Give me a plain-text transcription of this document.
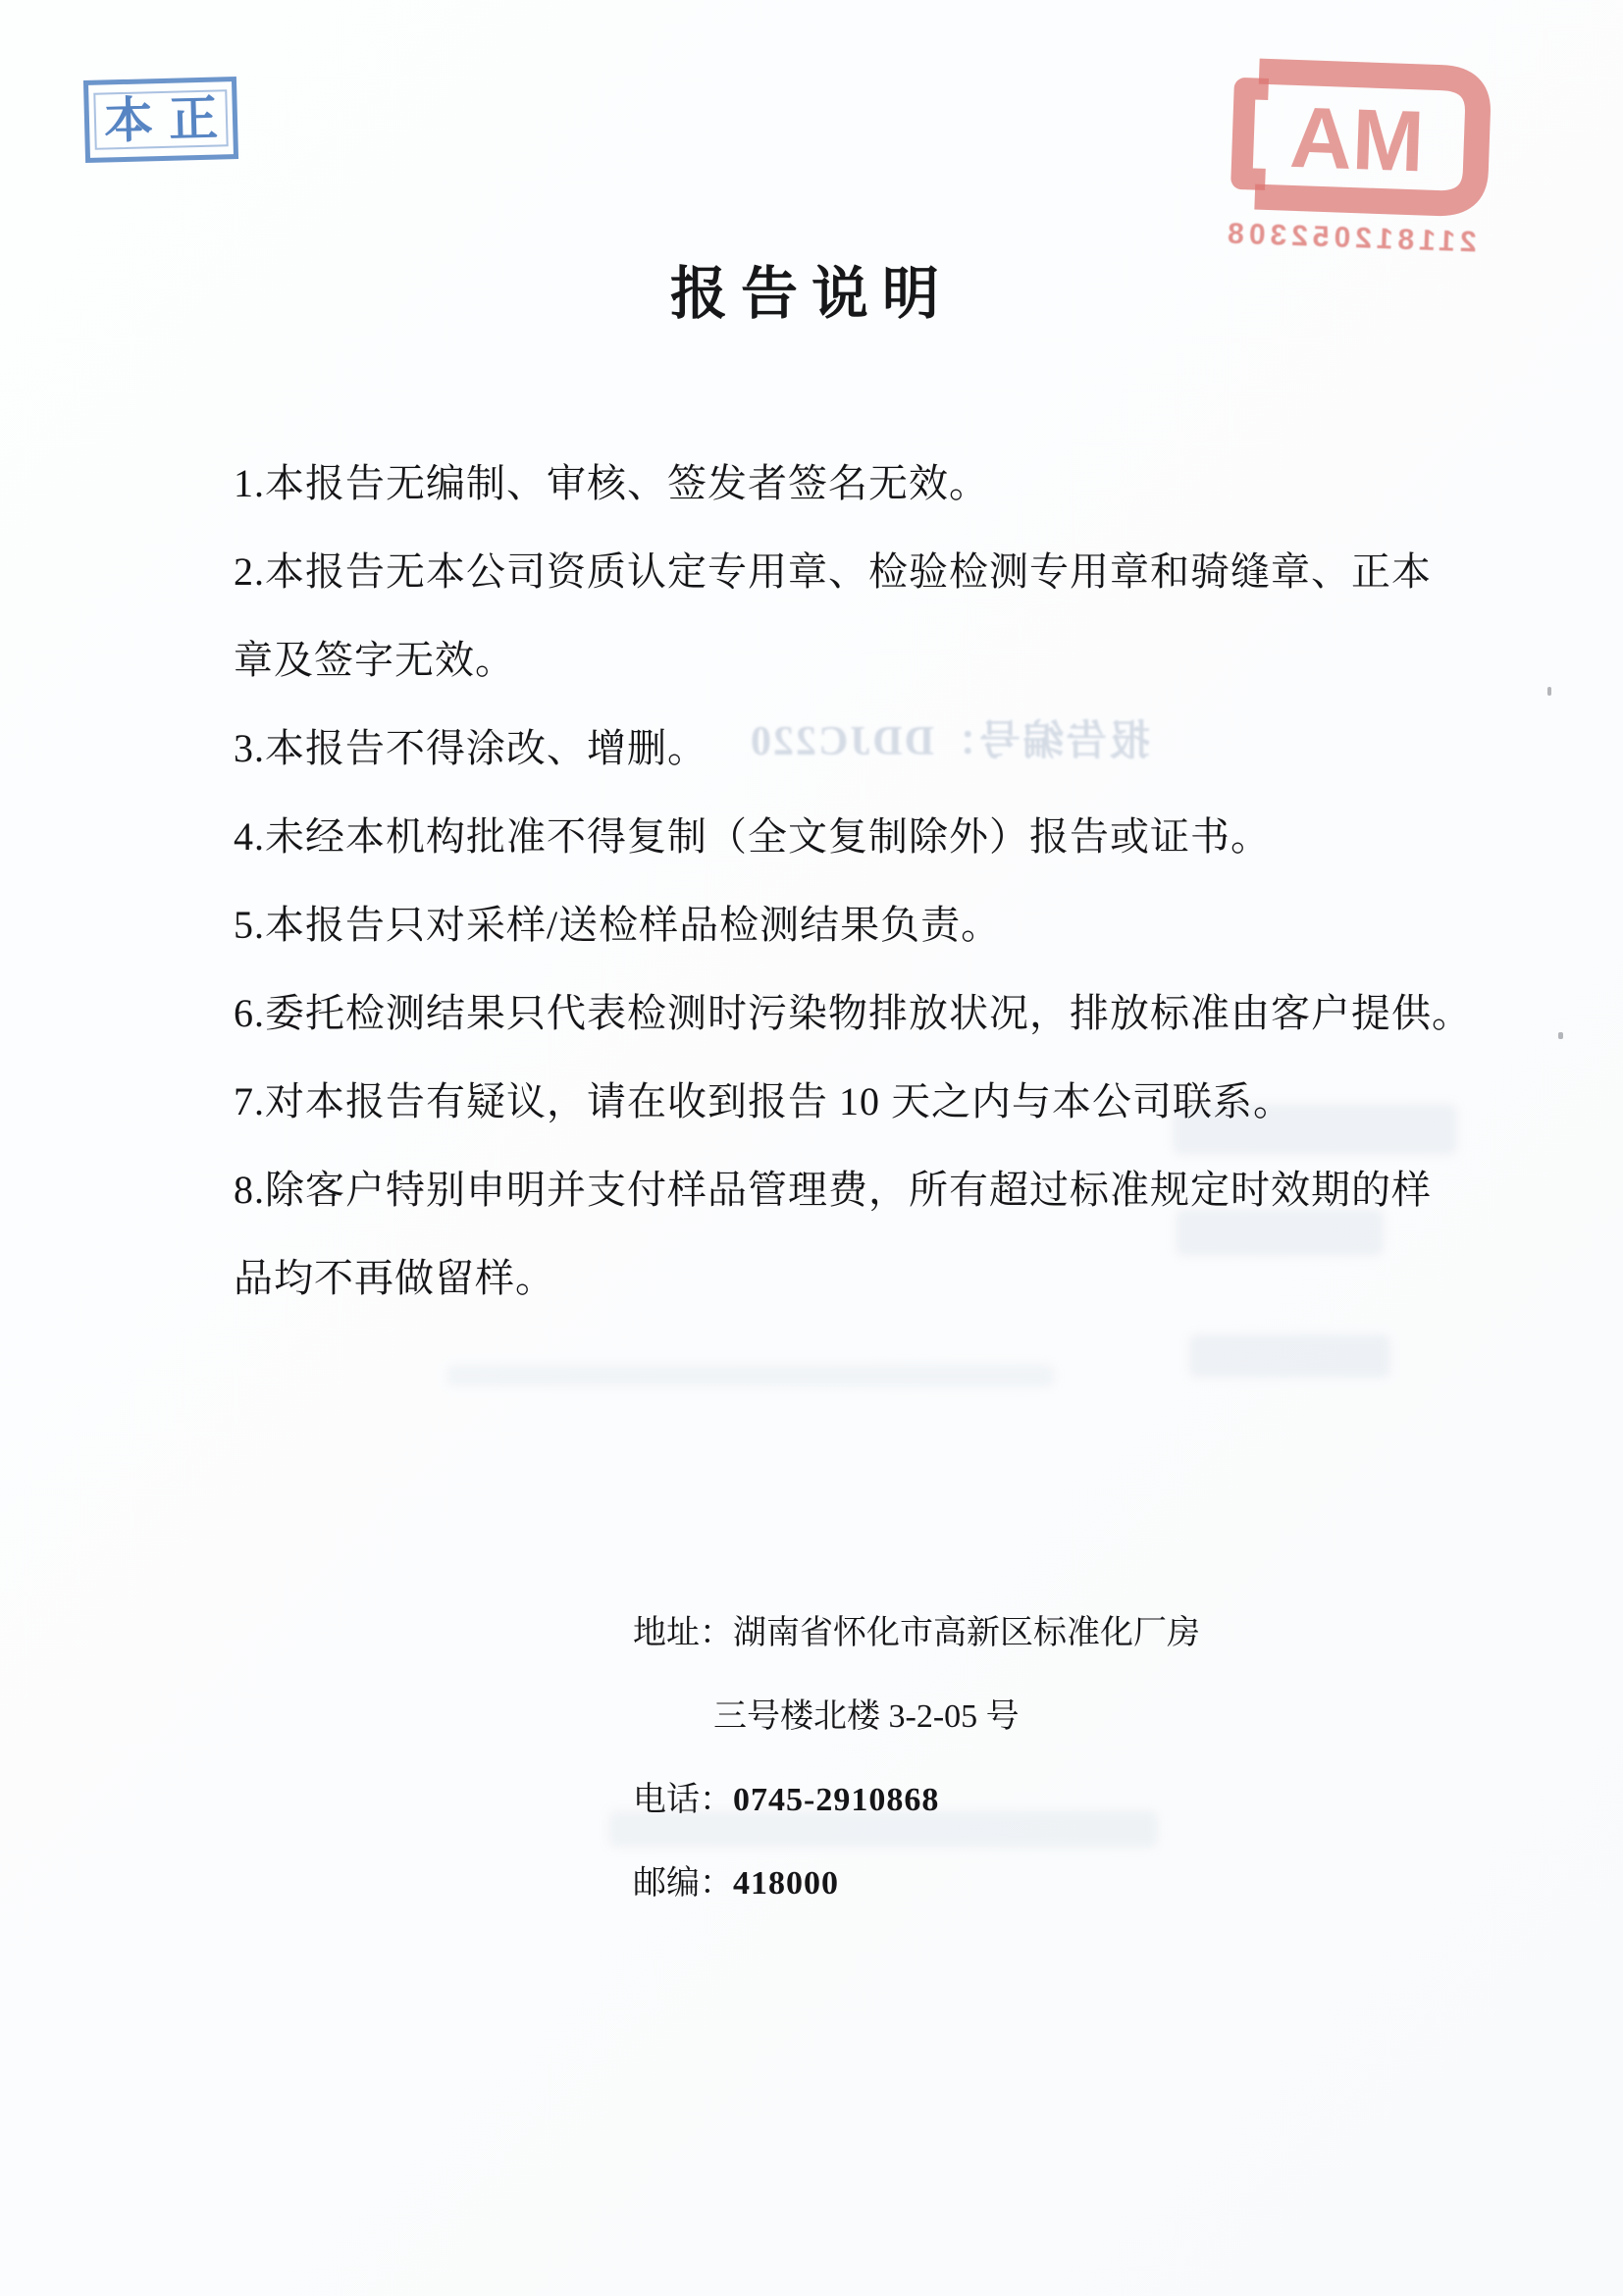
本 正	MA
211812052308
报告说明
报告编号：DDJC220
1.本报告无编制、审核、签发者签名无效。
2.本报告无本公司资质认定专用章、检验检测专用章和骑缝章、正本
章及签字无效。
3.本报告不得涂改、增删。
4.未经本机构批准不得复制（全文复制除外）报告或证书。
5.本报告只对采样/送检样品检测结果负责。
6.委托检测结果只代表检测时污染物排放状况，排放标准由客户提供。
7.对本报告有疑议，请在收到报告 10 天之内与本公司联系。
8.除客户特别申明并支付样品管理费，所有超过标准规定时效期的样
品均不再做留样。
地址：湖南省怀化市高新区标准化厂房
三号楼北楼 3-2-05 号
电话：0745-2910868
邮编：418000
